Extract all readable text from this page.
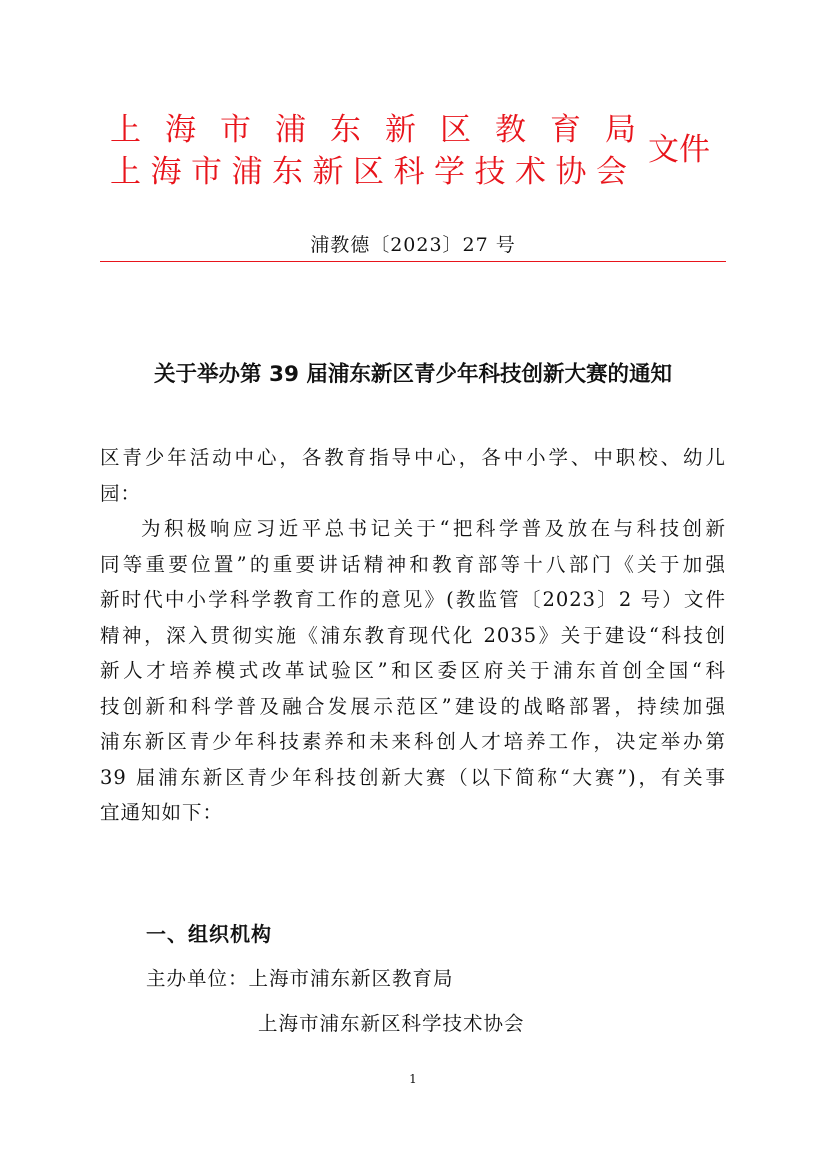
上海市浦东新区教育局
上海市浦东新区科学技术协会
文件
浦教德〔2023〕27 号
关于举办第 39 届浦东新区青少年科技创新大赛的通知
区青少年活动中心，各教育指导中心，各中小学、中职校、幼儿
园：
为积极响应习近平总书记关于“把科学普及放在与科技创新
同等重要位置”的重要讲话精神和教育部等十八部门《关于加强
新时代中小学科学教育工作的意见》(教监管〔2023〕2 号）文件
精神，深入贯彻实施《浦东教育现代化 2035》关于建设“科技创
新人才培养模式改革试验区”和区委区府关于浦东首创全国“科
技创新和科学普及融合发展示范区”建设的战略部署，持续加强
浦东新区青少年科技素养和未来科创人才培养工作，决定举办第
39 届浦东新区青少年科技创新大赛（以下简称“大赛”)，有关事
宜通知如下：
一、组织机构
主办单位：上海市浦东新区教育局
上海市浦东新区科学技术协会
1
